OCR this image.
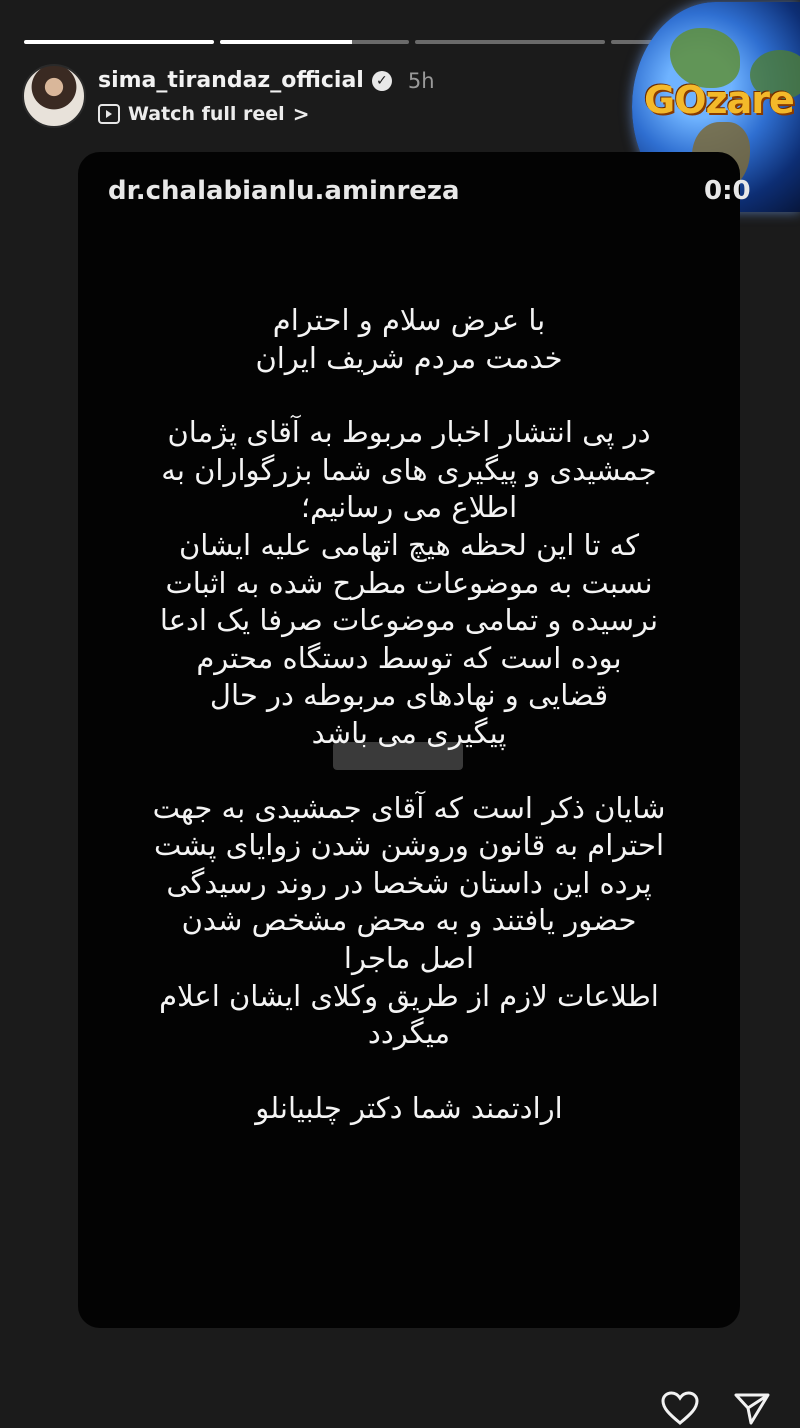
sima_tirandaz_official ✓ 5h
Watch full reel >	GOzare
dr.chalabianlu.aminreza	0:0

با عرض سلام و احترام

خدمت مردم شریف ایران

در پی انتشار اخبار مربوط به آقای پژمان

جمشیدی و پیگیری های شما بزرگواران به

اطلاع می رسانیم؛

که تا این لحظه هیچ اتهامی علیه ایشان

نسبت به موضوعات مطرح شده به اثبات

نرسیده و تمامی موضوعات صرفا یک ادعا

بوده است که توسط دستگاه محترم

قضایی و نهادهای مربوطه در حال

پیگیری می باشد

شایان ذکر است که آقای جمشیدی به جهت

احترام به قانون وروشن شدن زوایای پشت

پرده این داستان شخصا در روند رسیدگی

حضور یافتند و به محض مشخص شدن

اصل ماجرا

اطلاعات لازم از طریق وکلای ایشان اعلام

میگردد

ارادتمند شما دکتر چلبیانلو
